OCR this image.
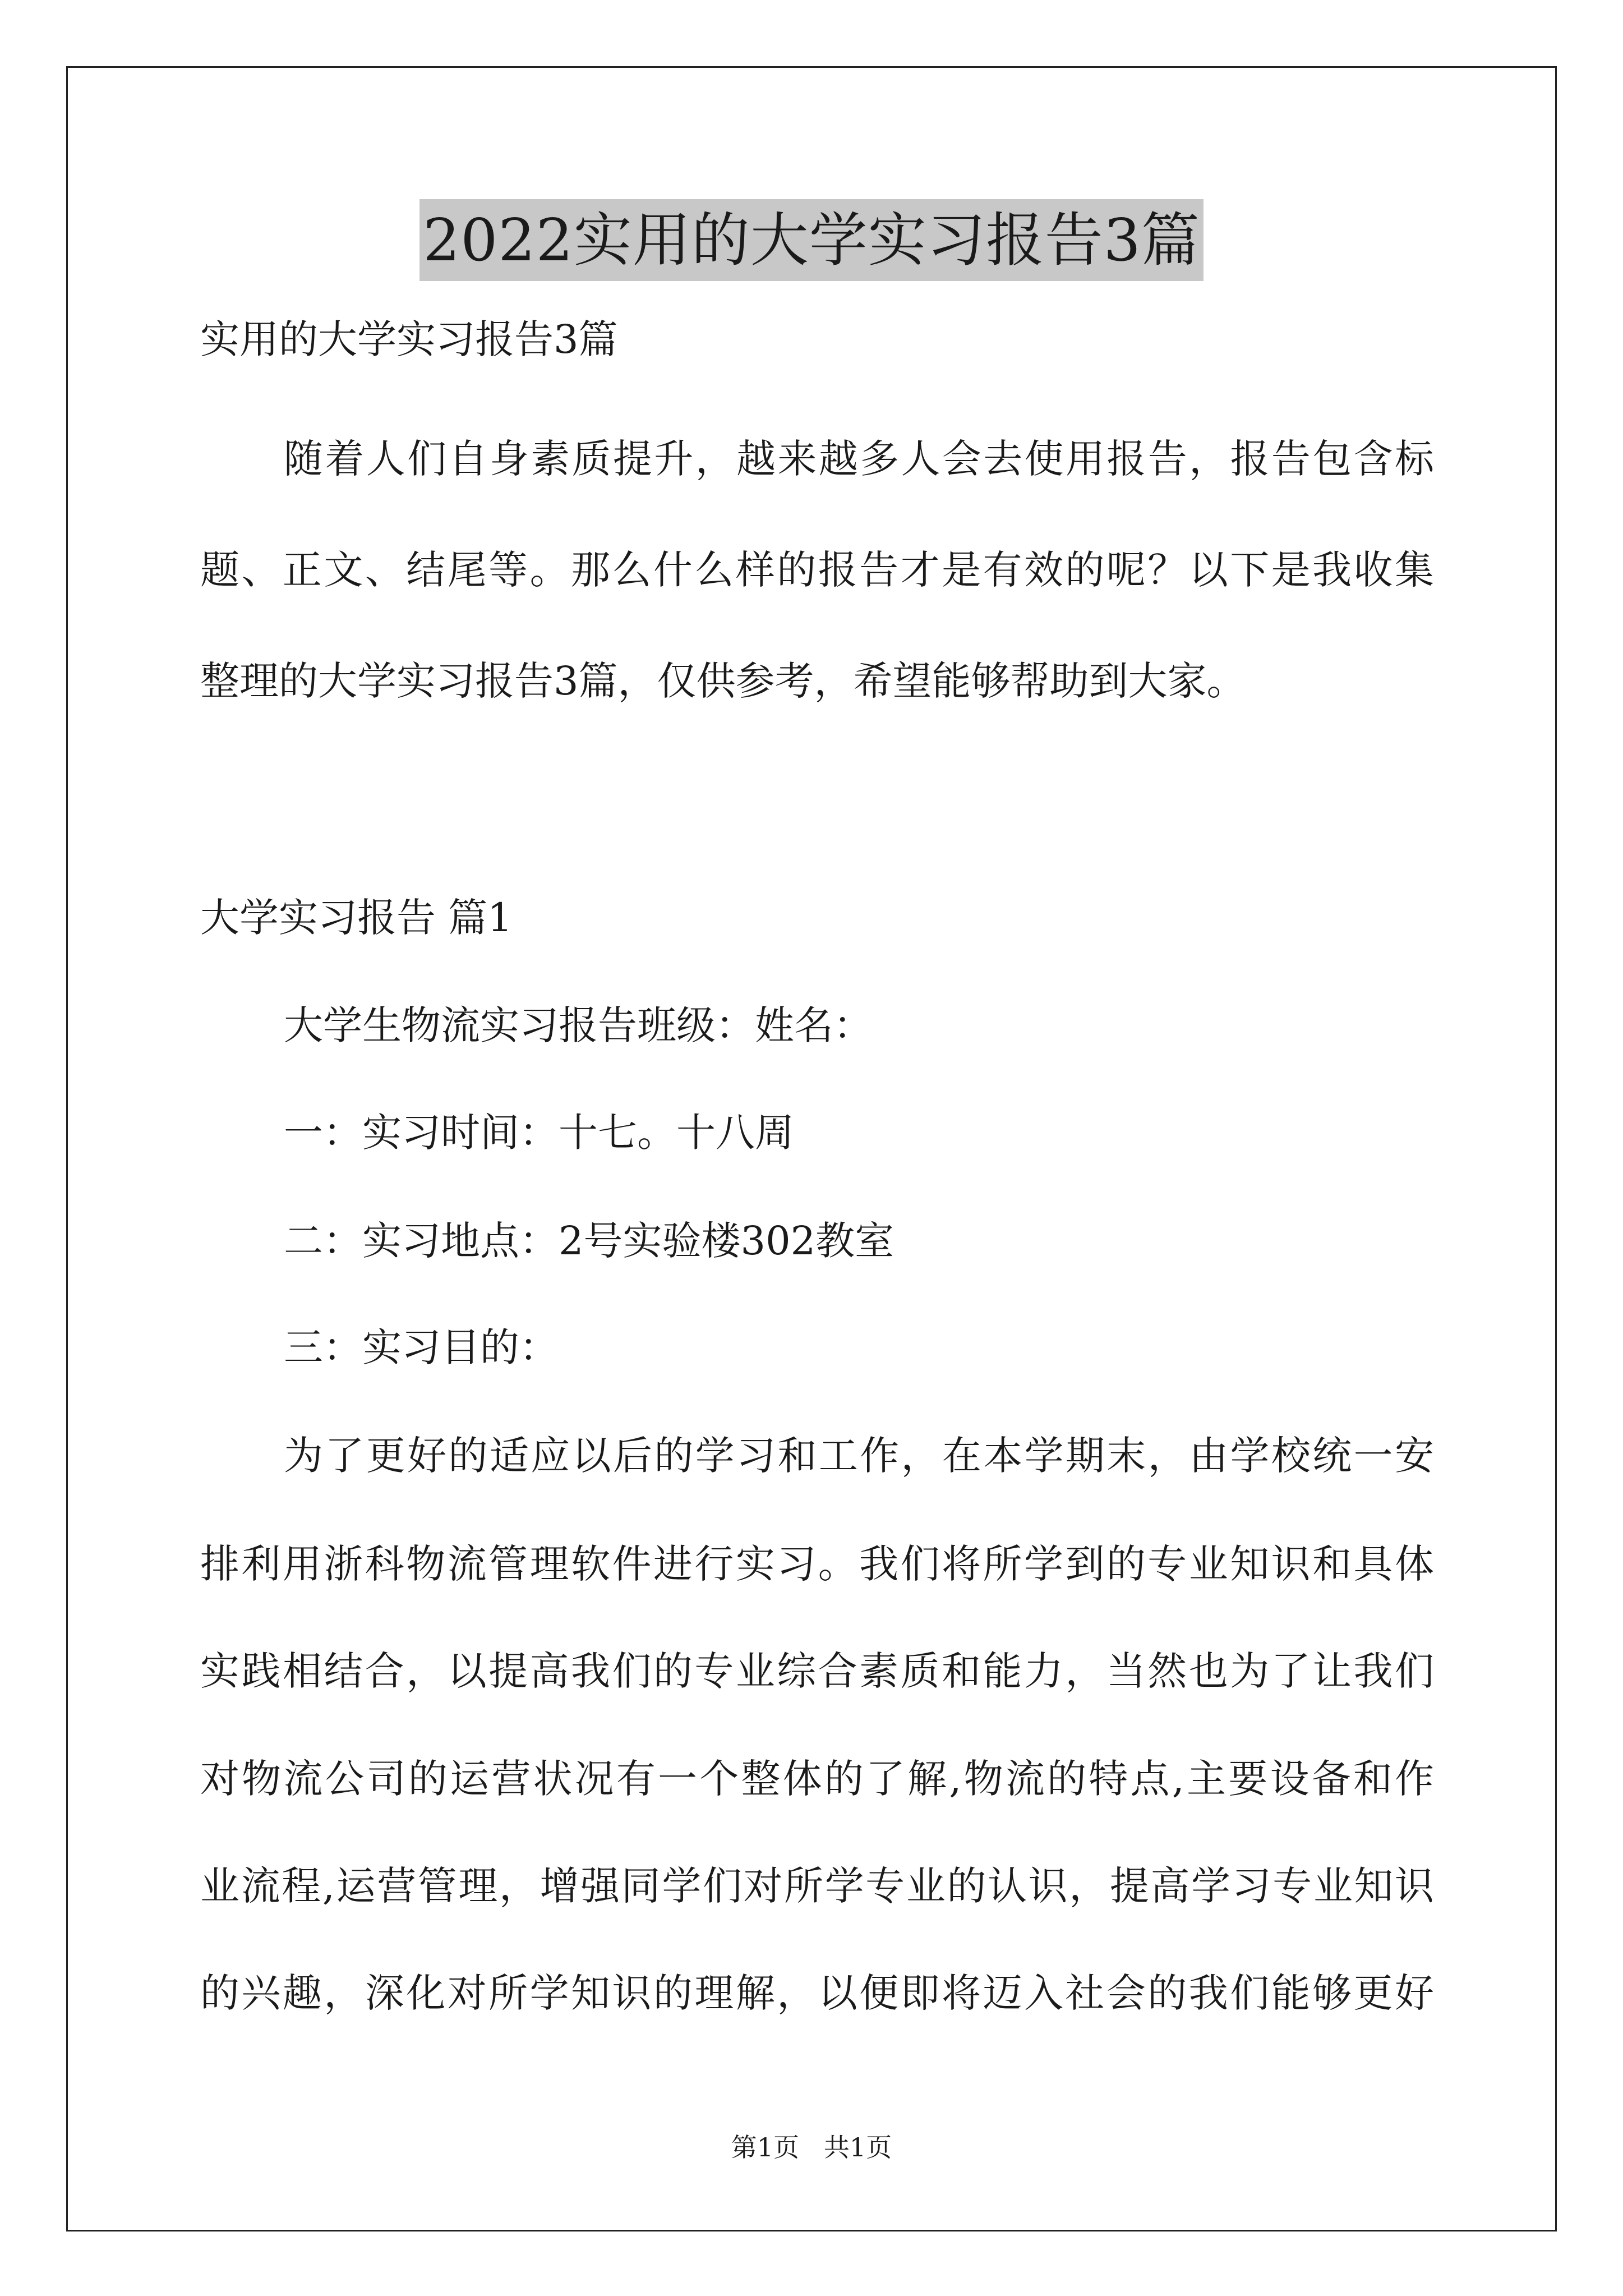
2022实用的大学实习报告3篇
实用的大学实习报告3篇
随着人们自身素质提升，越来越多人会去使用报告，报告包含标
题、正文、结尾等。那么什么样的报告才是有效的呢？以下是我收集
整理的大学实习报告3篇，仅供参考，希望能够帮助到大家。
大学实习报告 篇1
大学生物流实习报告班级：姓名：
一：实习时间：十七。十八周
二：实习地点：2号实验楼302教室
三：实习目的：
为了更好的适应以后的学习和工作，在本学期末，由学校统一安
排利用浙科物流管理软件进行实习。我们将所学到的专业知识和具体
实践相结合，以提高我们的专业综合素质和能力，当然也为了让我们
对物流公司的运营状况有一个整体的了解,物流的特点,主要设备和作
业流程,运营管理，增强同学们对所学专业的认识，提高学习专业知识
的兴趣，深化对所学知识的理解，以便即将迈入社会的我们能够更好
第1页   共1页
